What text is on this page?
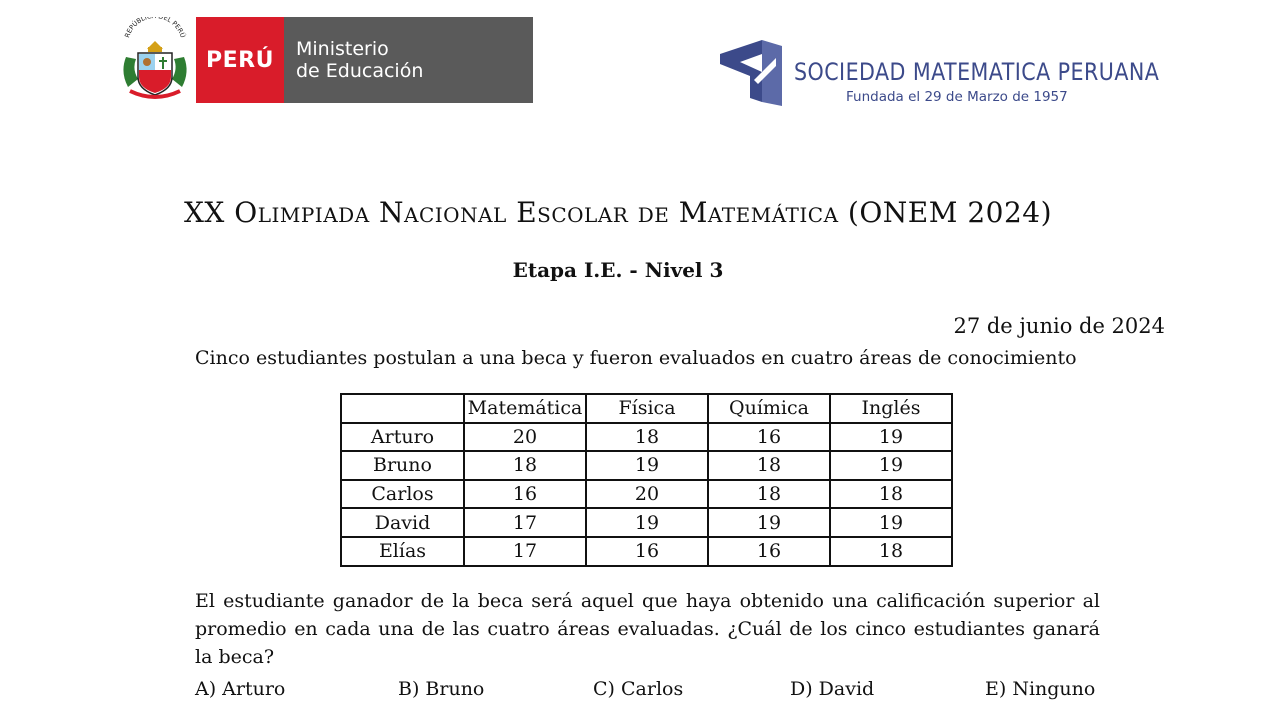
REPÚBLI EL PERÚ
PERÚ	Ministerio
de Educación	SOCIEDAD MATEMATICA PERUANA
Fundada el 29 de Marzo de 1957
XX Olimpiada Nacional Escolar de Matemática (ONEM 2024)
Etapa I.E. - Nivel 3
27 de junio de 2024
Cinco estudiantes postulan a una beca y fueron evaluados en cuatro áreas de conocimiento
	Matemática	Física	Química	Inglés
Arturo	20	18	16	19
Bruno	18	19	18	19
Carlos	16	20	18	18
David	17	19	19	19
Elías	17	16	16	18
El estudiante ganador de la beca será aquel que haya obtenido una calificación superior al promedio en cada una de las cuatro áreas evaluadas. ¿Cuál de los cinco estudiantes ganará la beca?
A) Arturo	B) Bruno	C) Carlos	D) David	E) Ninguno
